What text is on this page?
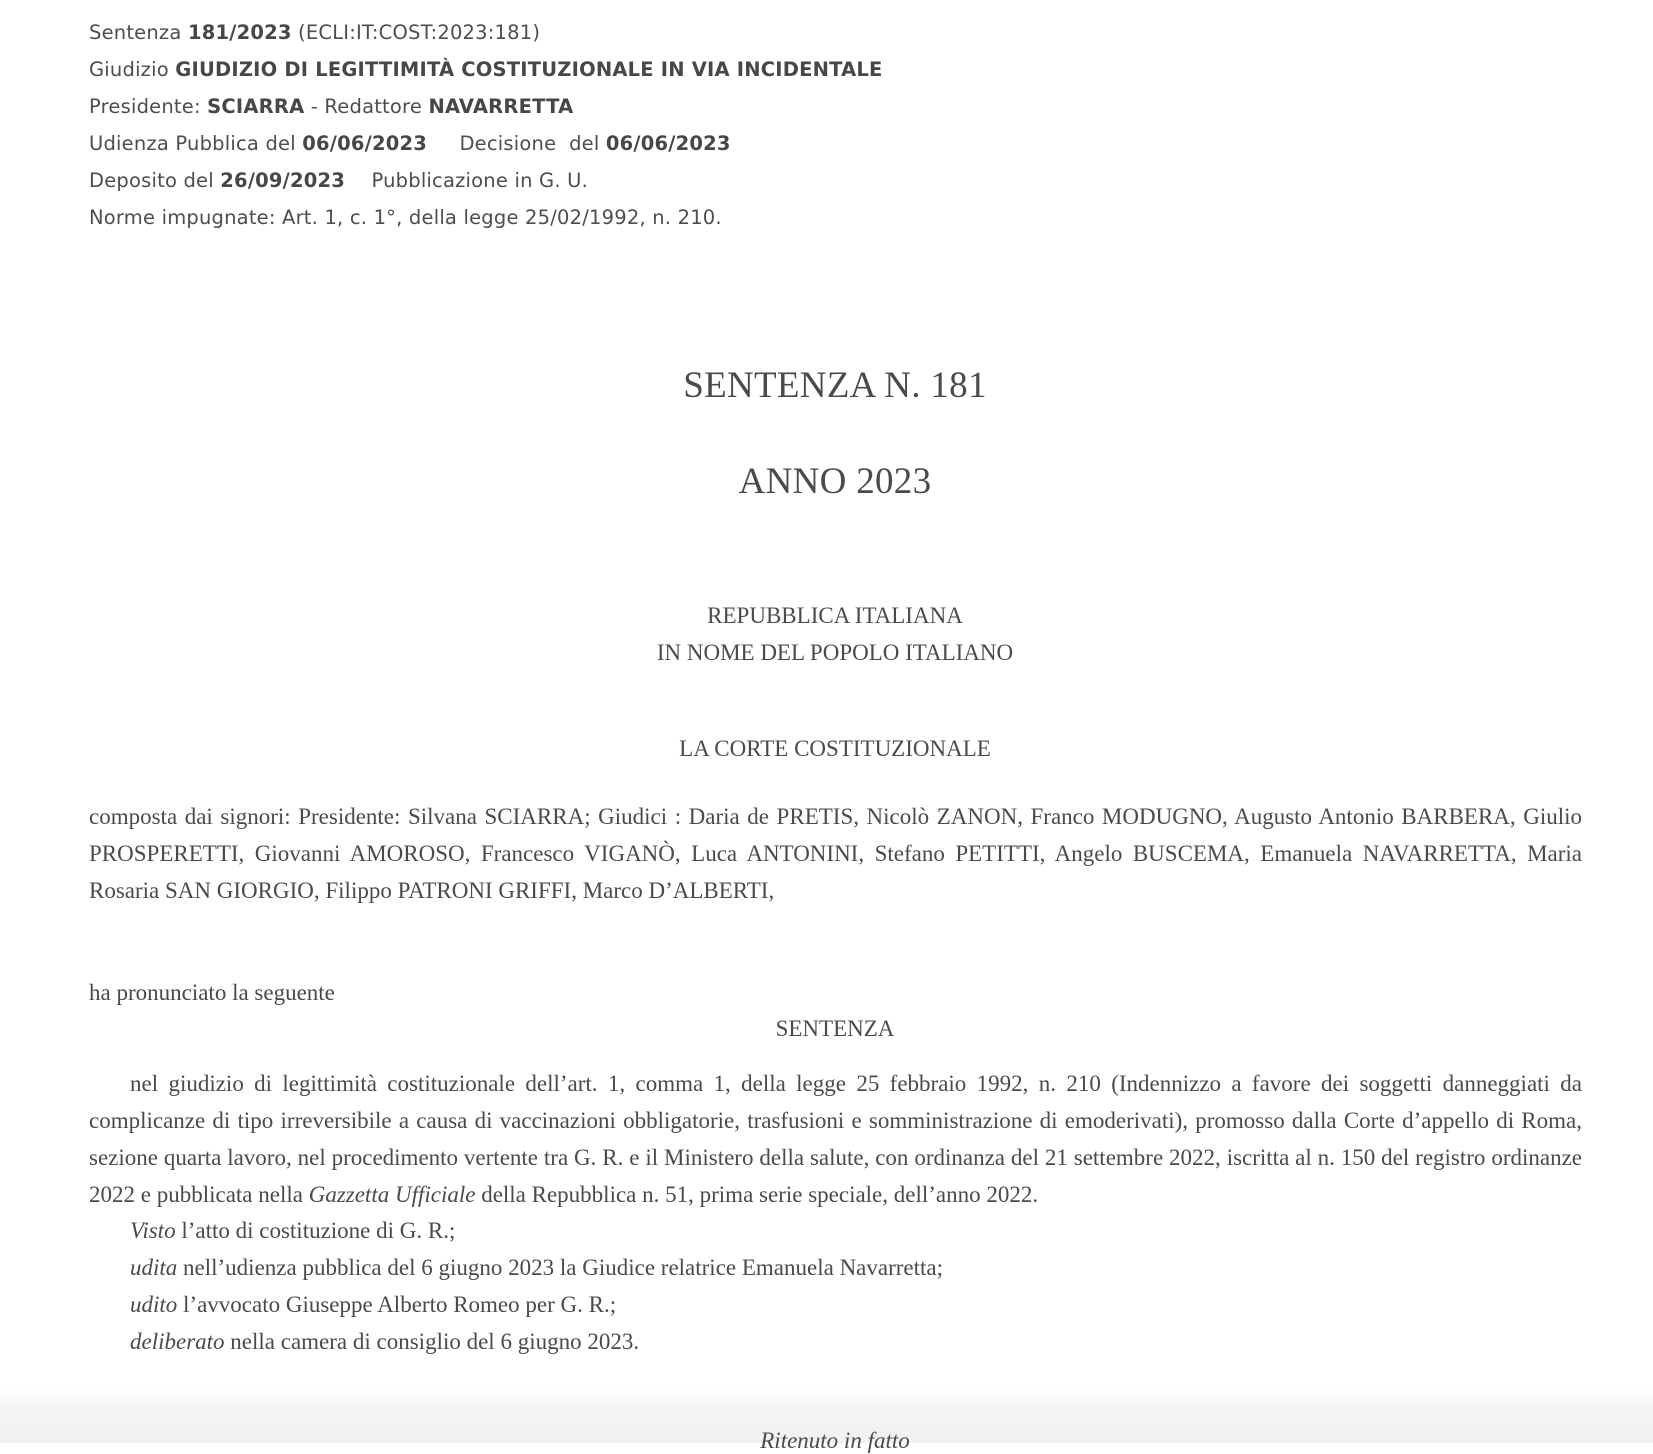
Sentenza 181/2023 (ECLI:IT:COST:2023:181)
Giudizio GIUDIZIO DI LEGITTIMITÀ COSTITUZIONALE IN VIA INCIDENTALE
Presidente: SCIARRA - Redattore NAVARRETTA
Udienza Pubblica del 06/06/2023 Decisione  del 06/06/2023
Deposito del 26/09/2023 Pubblicazione in G. U.
Norme impugnate: Art. 1, c. 1°, della legge 25/02/1992, n. 210.
SENTENZA N. 181
ANNO 2023
REPUBBLICA ITALIANA
IN NOME DEL POPOLO ITALIANO
LA CORTE COSTITUZIONALE
composta dai signori: Presidente: Silvana SCIARRA; Giudici : Daria de PRETIS, Nicolò ZANON, Franco MODUGNO, Augusto Antonio BARBERA, Giulio PROSPERETTI, Giovanni AMOROSO, Francesco VIGANÒ, Luca ANTONINI, Stefano PETITTI, Angelo BUSCEMA, Emanuela NAVARRETTA, Maria Rosaria SAN GIORGIO, Filippo PATRONI GRIFFI, Marco D’ALBERTI,
ha pronunciato la seguente
SENTENZA

nel giudizio di legittimità costituzionale dell’art. 1, comma 1, della legge 25 febbraio 1992, n. 210 (Indennizzo a favore dei soggetti danneggiati da complicanze di tipo irreversibile a causa di vaccinazioni obbligatorie, trasfusioni e somministrazione di emoderivati), promosso dalla Corte d’appello di Roma, sezione quarta lavoro, nel procedimento vertente tra G. R. e il Ministero della salute, con ordinanza del 21 settembre 2022, iscritta al n. 150 del registro ordinanze 2022 e pubblicata nella Gazzetta Ufficiale della Repubblica n. 51, prima serie speciale, dell’anno 2022.

Visto l’atto di costituzione di G. R.;
udita nell’udienza pubblica del 6 giugno 2023 la Giudice relatrice Emanuela Navarretta;
udito l’avvocato Giuseppe Alberto Romeo per G. R.;
deliberato nella camera di consiglio del 6 giugno 2023.
Ritenuto in fatto
